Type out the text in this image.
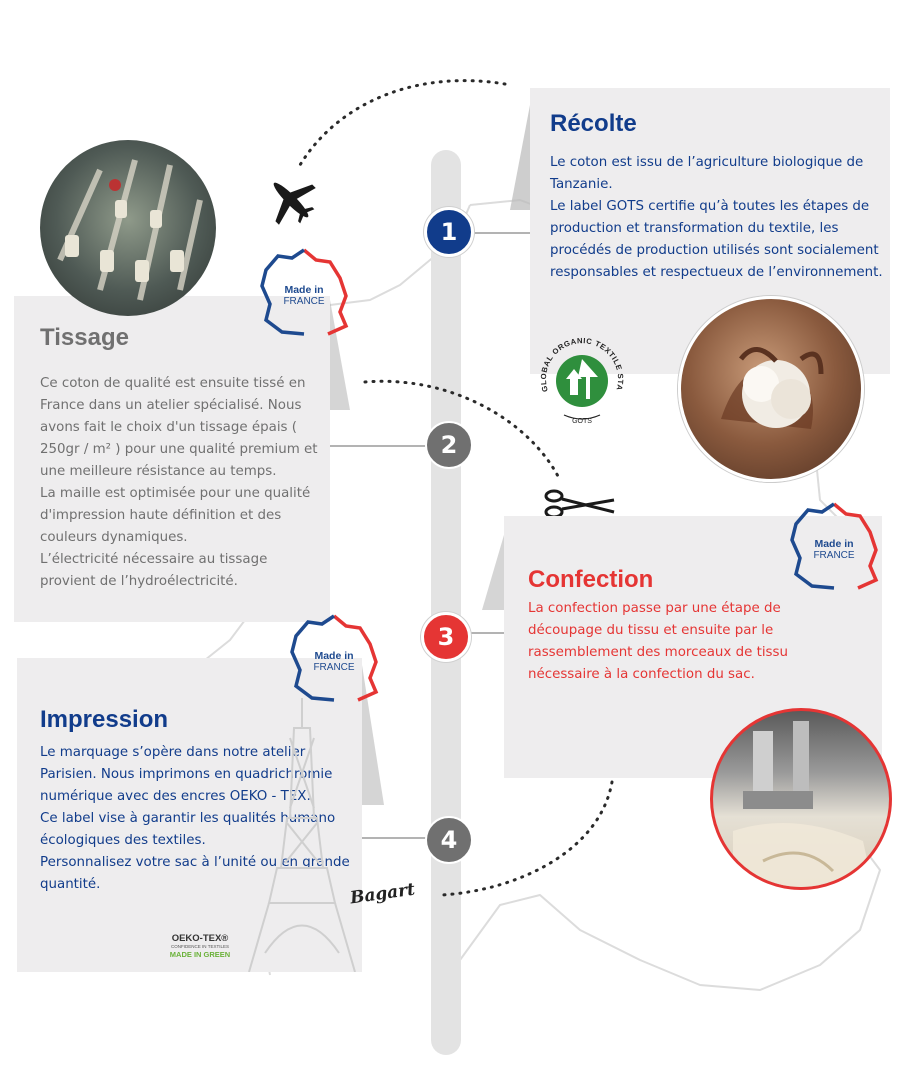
Récolte

Le coton est issu de l’agriculture biologique de Tanzanie.

Le label GOTS certifie qu’à toutes les étapes de production et transformation du textile, les procédés de production utilisés sont socialement responsables et respectueux de l’environnement.

Tissage

Ce coton de qualité est ensuite tissé en France dans un atelier spécialisé. Nous avons fait le choix d'un tissage épais ( 250gr / m² ) pour une qualité premium et une meilleure résistance au temps.

La maille est optimisée pour une qualité d'impression haute définition et des couleurs dynamiques.

L’électricité nécessaire au tissage provient de l’hydroélectricité.	Confection

La confection passe par une étape de découpage du tissu et ensuite par le rassemblement des morceaux de tissu nécessaire à la confection du sac.

Impression

Le marquage s’opère dans notre atelier Parisien. Nous imprimons en quadrichromie numérique avec des encres OEKO - TEX.

Ce label vise à garantir les qualités humano écologiques des textiles.

Personnalisez votre sac à l’unité ou en grande quantité.

1
2
3
4
Made in
FRANCE
Made in
FRANCE
Made in
FRANCE
GLOBAL ORGANIC TEXTILE STA
GOTS
OEKO-TEX®
CONFIDENCE IN TEXTILES
MADE IN GREEN
Bagart
